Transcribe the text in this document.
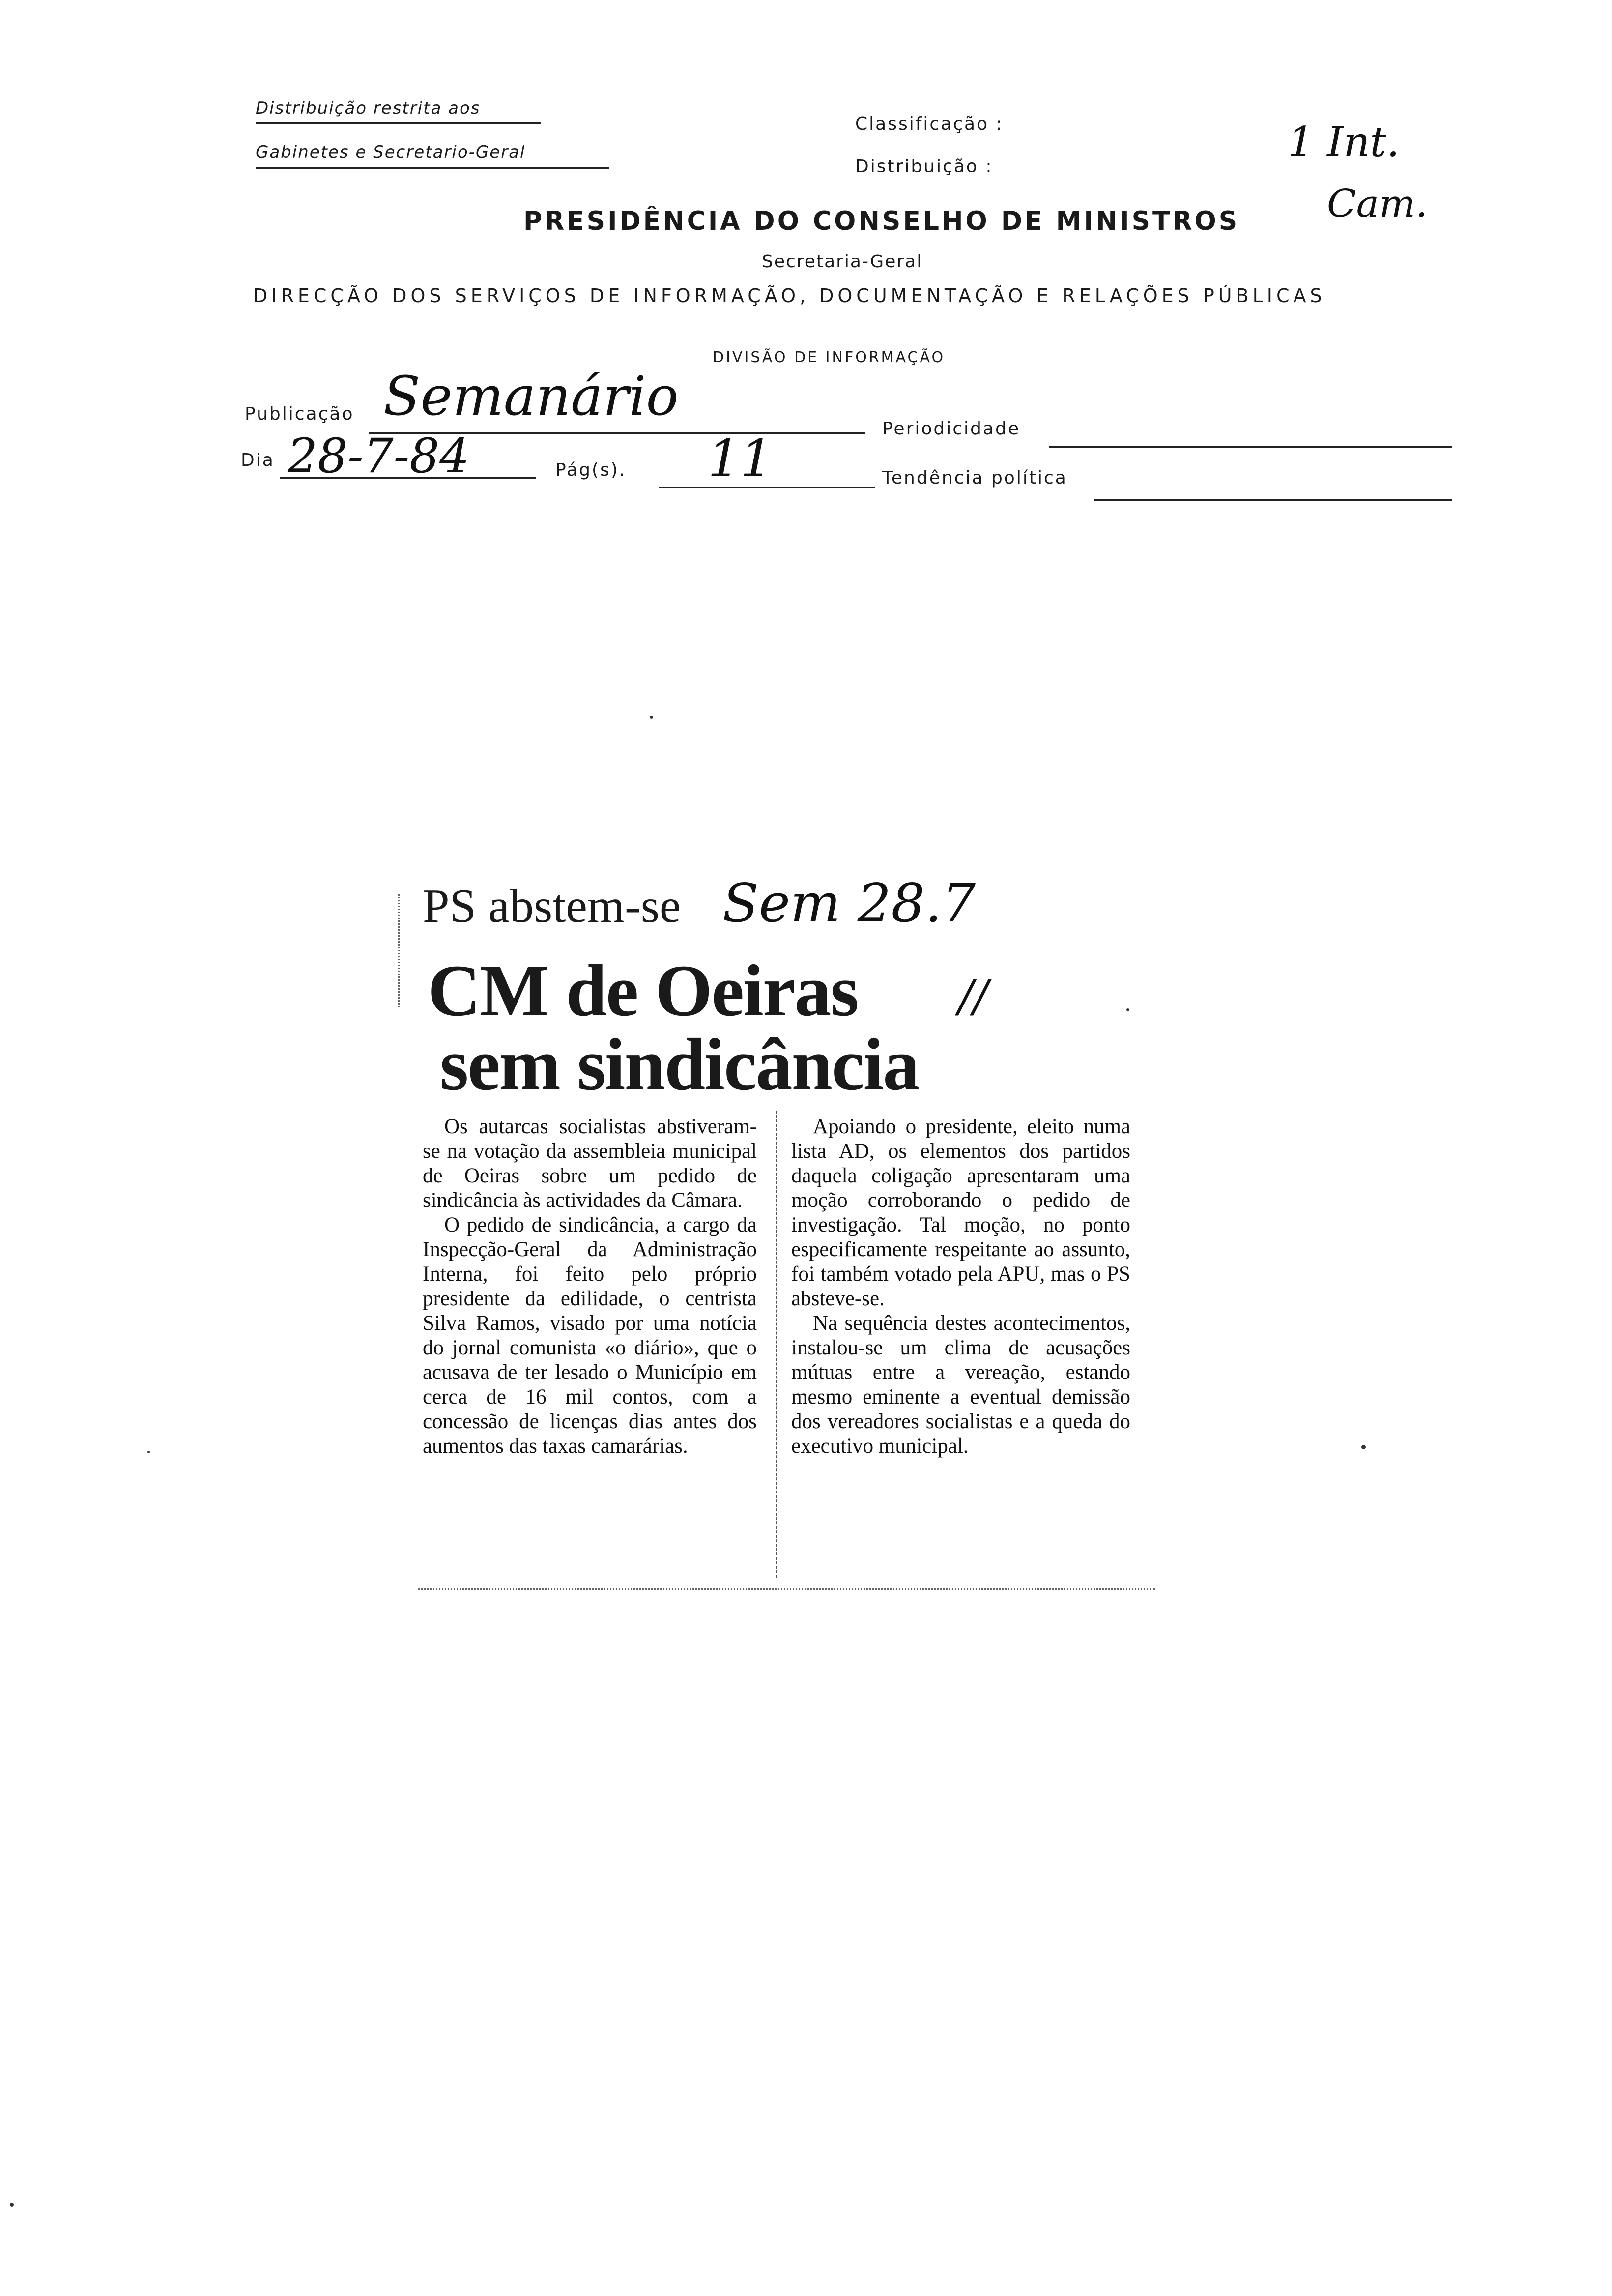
Distribuição restrita aos
Gabinetes e Secretario-Geral
Classificação :
Distribuição :
1 Int.
Cam.
PRESIDÊNCIA DO CONSELHO DE MINISTROS
Secretaria-Geral
DIRECÇÃO DOS SERVIÇOS DE INFORMAÇÃO, DOCUMENTAÇÃO E RELAÇÕES PÚBLICAS
DIVISÃO DE INFORMAÇÃO
Publicação Semanário
Periodicidade
Dia 28-7-84	Pág(s). 11	Tendência política
PS abstem-se Sem 28.7
CM de Oeiras //
sem sindicância

Os autarcas socialistas abstiveram-se na votação da assembleia municipal de Oeiras sobre um pedido de sindicância às actividades da Câmara.

O pedido de sindicância, a cargo da Inspecção-Geral da Administração Interna, foi feito pelo próprio presidente da edilidade, o centrista Silva Ramos, visado por uma notícia do jornal comunista «o diário», que o acusava de ter lesado o Município em cerca de 16 mil contos, com a concessão de licenças dias antes dos aumentos das taxas camarárias.

Apoiando o presidente, eleito numa lista AD, os elementos dos partidos daquela coligação apresentaram uma moção corroborando o pedido de investigação. Tal moção, no ponto especificamente respeitante ao assunto, foi também votado pela APU, mas o PS absteve-se.

Na sequência destes acontecimentos, instalou-se um clima de acusações mútuas entre a vereação, estando mesmo eminente a eventual demissão dos vereadores socialistas e a queda do executivo municipal.
